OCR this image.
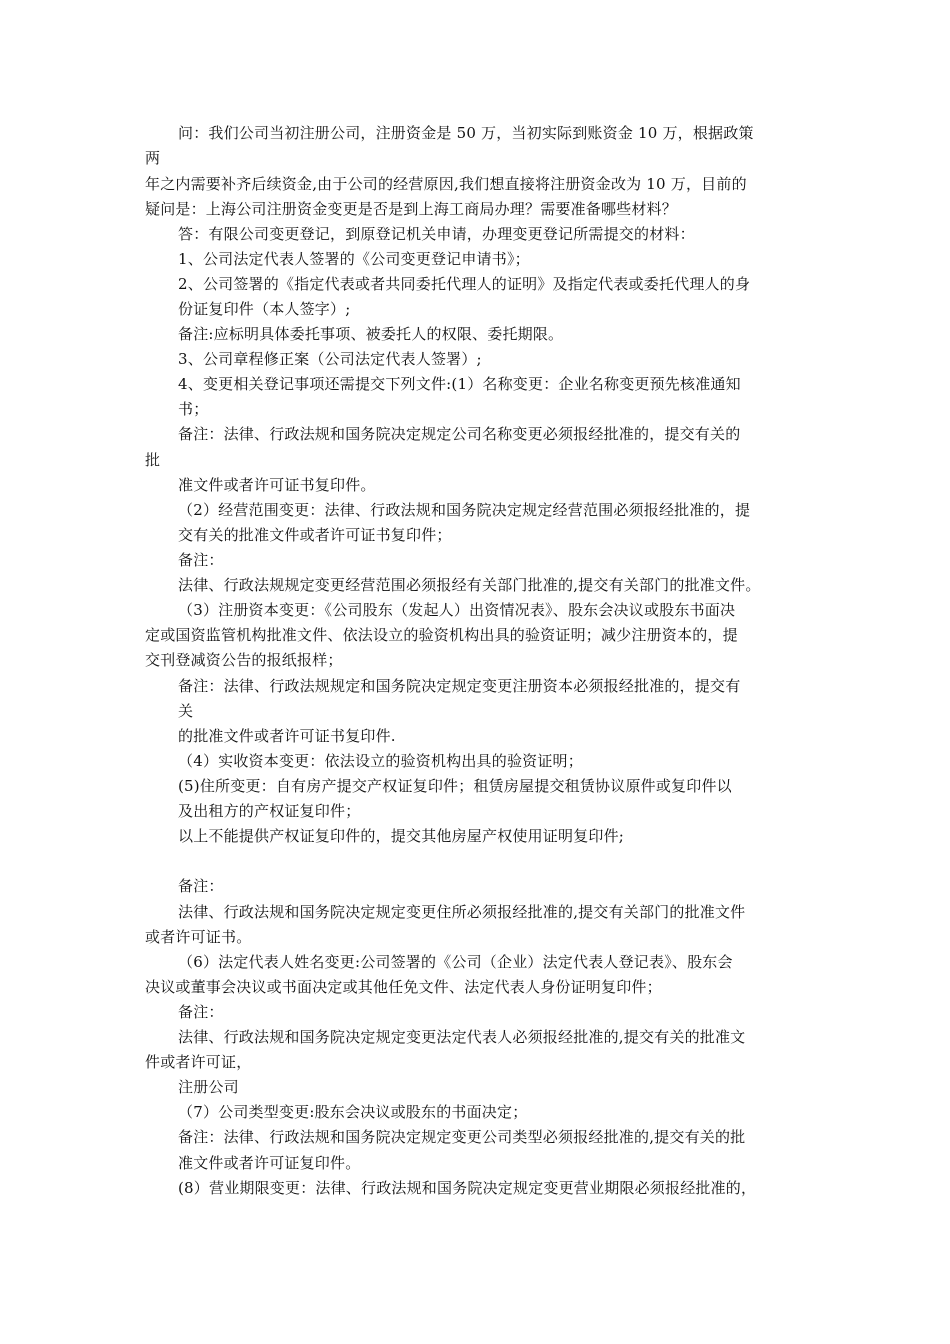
问：我们公司当初注册公司，注册资金是 50 万，当初实际到账资金 10 万，根据政策
两
年之内需要补齐后续资金,由于公司的经营原因,我们想直接将注册资金改为 10 万，目前的
疑问是：上海公司注册资金变更是否是到上海工商局办理？需要准备哪些材料？
答：有限公司变更登记，到原登记机关申请，办理变更登记所需提交的材料：
1、公司法定代表人签署的《公司变更登记申请书》；
2、公司签署的《指定代表或者共同委托代理人的证明》及指定代表或委托代理人的身
份证复印件（本人签字）;
备注:应标明具体委托事项、被委托人的权限、委托期限。
3、公司章程修正案（公司法定代表人签署）;
4、变更相关登记事项还需提交下列文件:(1）名称变更：企业名称变更预先核准通知
书；
备注：法律、行政法规和国务院决定规定公司名称变更必须报经批准的，提交有关的
批
准文件或者许可证书复印件。
（2）经营范围变更：法律、行政法规和国务院决定规定经营范围必须报经批准的，提
交有关的批准文件或者许可证书复印件；
备注：
法律、行政法规规定变更经营范围必须报经有关部门批准的,提交有关部门的批准文件。
（3）注册资本变更：《公司股东（发起人）出资情况表》、股东会决议或股东书面决
定或国资监管机构批准文件、依法设立的验资机构出具的验资证明；减少注册资本的，提
交刊登减资公告的报纸报样；
备注：法律、行政法规规定和国务院决定规定变更注册资本必须报经批准的，提交有
关
的批准文件或者许可证书复印件.
（4）实收资本变更：依法设立的验资机构出具的验资证明；
(5)住所变更：自有房产提交产权证复印件；租赁房屋提交租赁协议原件或复印件以
及出租方的产权证复印件；
以上不能提供产权证复印件的，提交其他房屋产权使用证明复印件;
备注：
法律、行政法规和国务院决定规定变更住所必须报经批准的,提交有关部门的批准文件
或者许可证书。
（6）法定代表人姓名变更:公司签署的《公司（企业）法定代表人登记表》、股东会
决议或董事会决议或书面决定或其他任免文件、法定代表人身份证明复印件；
备注：
法律、行政法规和国务院决定规定变更法定代表人必须报经批准的,提交有关的批准文
件或者许可证，
注册公司
（7）公司类型变更:股东会决议或股东的书面决定；
备注：法律、行政法规和国务院决定规定变更公司类型必须报经批准的,提交有关的批
准文件或者许可证复印件。
(8）营业期限变更：法律、行政法规和国务院决定规定变更营业期限必须报经批准的，
